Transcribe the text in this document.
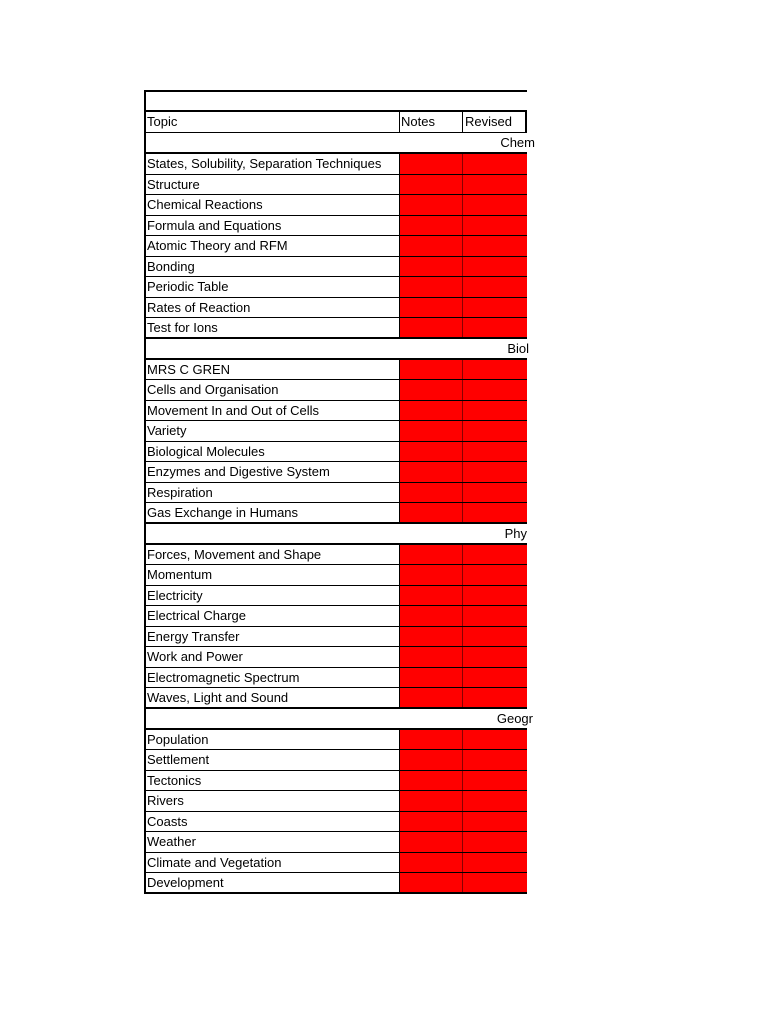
Topic	Notes	Revised
Chem
States, Solubility, Separation Techniques
Structure
Chemical Reactions
Formula and Equations
Atomic Theory and RFM
Bonding
Periodic Table
Rates of Reaction
Test for Ions
Biol
MRS C GREN
Cells and Organisation
Movement In and Out of Cells
Variety
Biological Molecules
Enzymes and Digestive System
Respiration
Gas Exchange in Humans
Phy
Forces, Movement and Shape
Momentum
Electricity
Electrical Charge
Energy Transfer
Work and Power
Electromagnetic Spectrum
Waves, Light and Sound
Geogr
Population
Settlement
Tectonics
Rivers
Coasts
Weather
Climate and Vegetation
Development
